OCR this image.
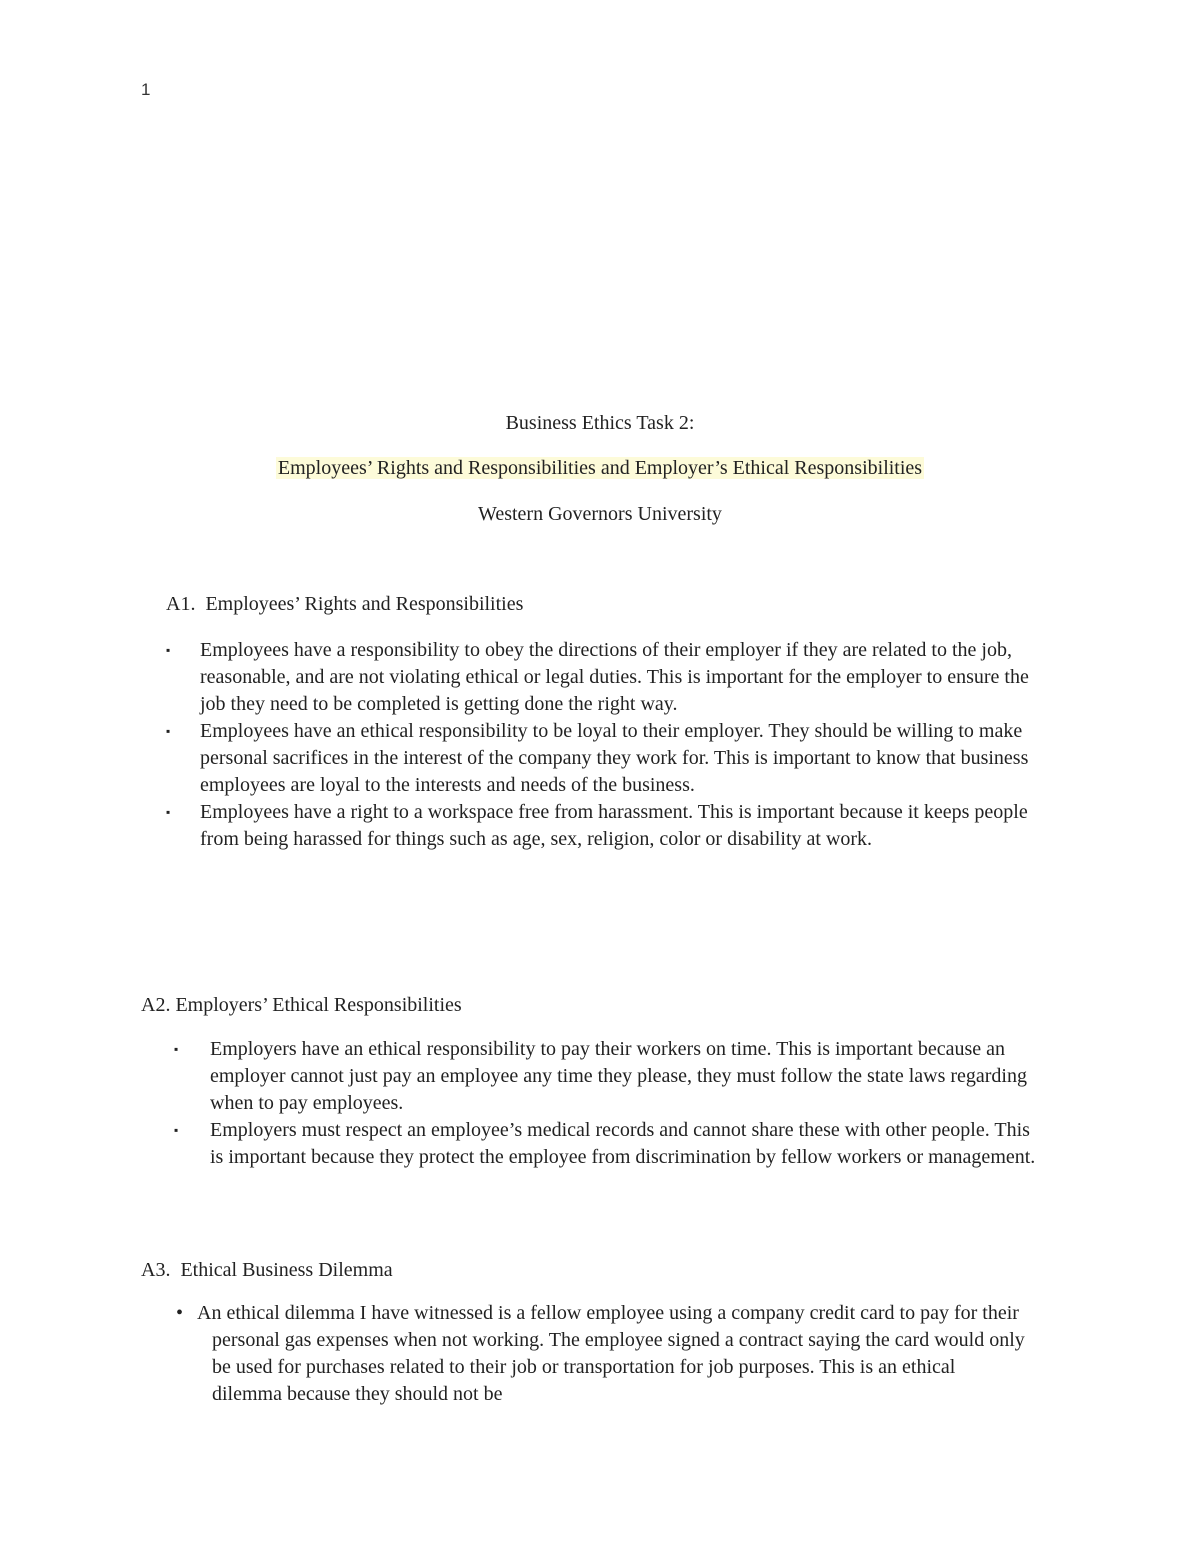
1
Business Ethics Task 2:
Employees’ Rights and Responsibilities and Employer’s Ethical Responsibilities
Western Governors University
A1.  Employees’ Rights and Responsibilities
▪ Employees have a responsibility to obey the directions of their employer if they are related to the job, reasonable, and are not violating ethical or legal duties. This is important for the employer to ensure the job they need to be completed is getting done the right way.
▪ Employees have an ethical responsibility to be loyal to their employer. They should be willing to make personal sacrifices in the interest of the company they work for. This is important to know that business employees are loyal to the interests and needs of the business.
▪ Employees have a right to a workspace free from harassment. This is important because it keeps people from being harassed for things such as age, sex, religion, color or disability at work.
A2. Employers’ Ethical Responsibilities
▪ Employers have an ethical responsibility to pay their workers on time. This is important because an employer cannot just pay an employee any time they please, they must follow the state laws regarding when to pay employees.
▪ Employers must respect an employee’s medical records and cannot share these with other people. This is important because they protect the employee from discrimination by fellow workers or management.
A3.  Ethical Business Dilemma
• An ethical dilemma I have witnessed is a fellow employee using a company credit card to pay for their personal gas expenses when not working. The employee signed a contract saying the card would only be used for purchases related to their job or transportation for job purposes. This is an ethical dilemma because they should not be
